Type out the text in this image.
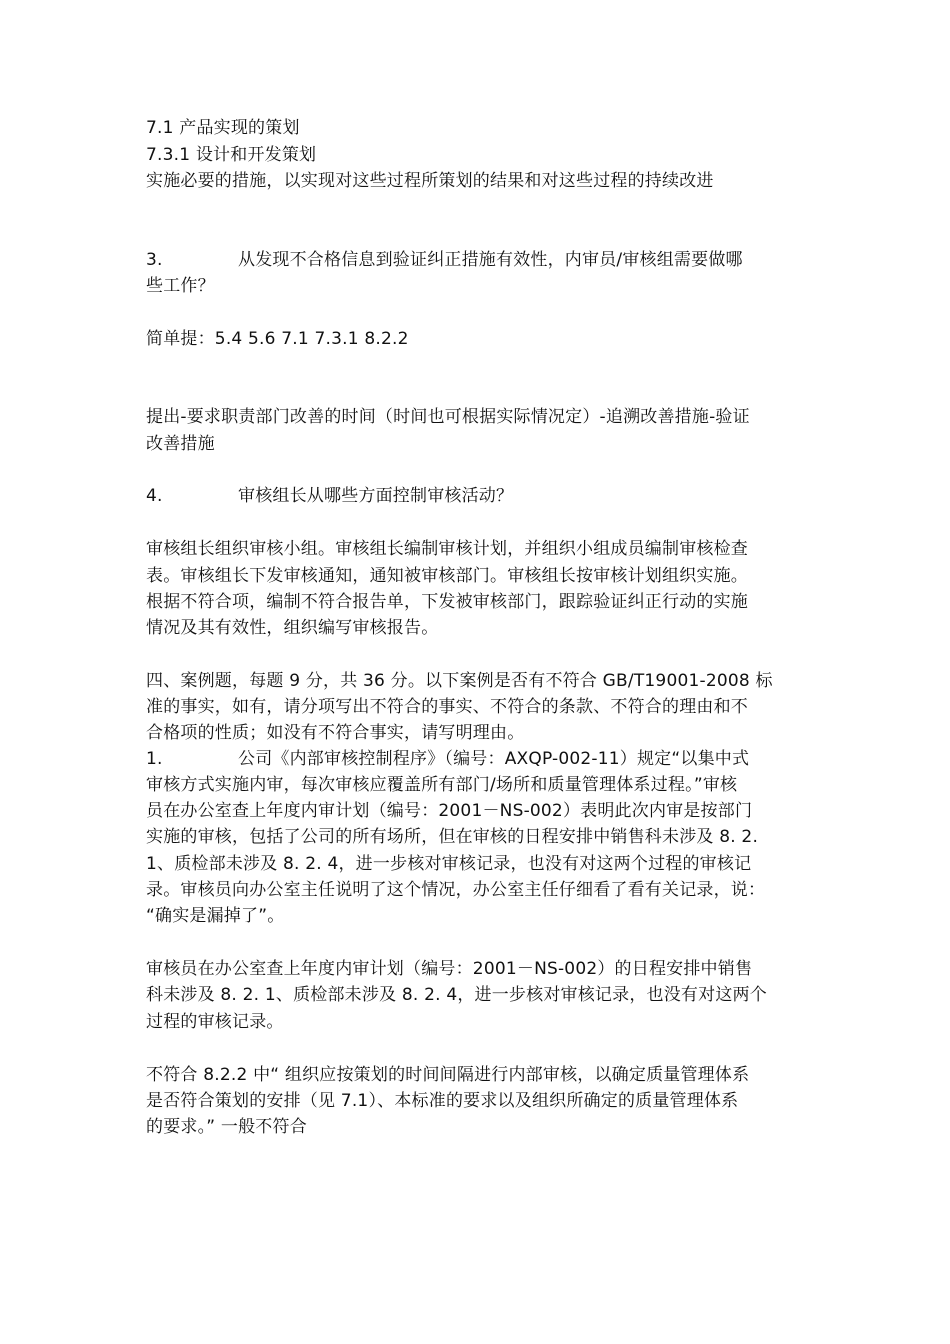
7.1 产品实现的策划
7.3.1 设计和开发策划
实施必要的措施，以实现对这些过程所策划的结果和对这些过程的持续改进
3.	从发现不合格信息到验证纠正措施有效性，内审员/审核组需要做哪
些工作？
简单提：5.4 5.6 7.1 7.3.1 8.2.2
提出-要求职责部门改善的时间（时间也可根据实际情况定）-追溯改善措施-验证
改善措施
4.	审核组长从哪些方面控制审核活动？
审核组长组织审核小组。审核组长编制审核计划，并组织小组成员编制审核检查
表。审核组长下发审核通知，通知被审核部门。审核组长按审核计划组织实施。
根据不符合项，编制不符合报告单，下发被审核部门，跟踪验证纠正行动的实施
情况及其有效性，组织编写审核报告。
四、案例题，每题 9 分，共 36 分。以下案例是否有不符合 GB/T19001-2008 标
准的事实，如有，请分项写出不符合的事实、不符合的条款、不符合的理由和不
合格项的性质；如没有不符合事实，请写明理由。
1.	公司《内部审核控制程序》（编号：AXQP-002-11）规定“以集中式
审核方式实施内审，每次审核应覆盖所有部门/场所和质量管理体系过程。”审核
员在办公室查上年度内审计划（编号：2001－NS-002）表明此次内审是按部门
实施的审核，包括了公司的所有场所，但在审核的日程安排中销售科未涉及 8. 2.
1、质检部未涉及 8. 2. 4，进一步核对审核记录，也没有对这两个过程的审核记
录。审核员向办公室主任说明了这个情况，办公室主任仔细看了看有关记录，说：
“确实是漏掉了”。
审核员在办公室查上年度内审计划（编号：2001－NS-002）的日程安排中销售
科未涉及 8. 2. 1、质检部未涉及 8. 2. 4，进一步核对审核记录，也没有对这两个
过程的审核记录。
不符合 8.2.2 中“ 组织应按策划的时间间隔进行内部审核，以确定质量管理体系
是否符合策划的安排（见 7.1）、本标准的要求以及组织所确定的质量管理体系
的要求。” 一般不符合
